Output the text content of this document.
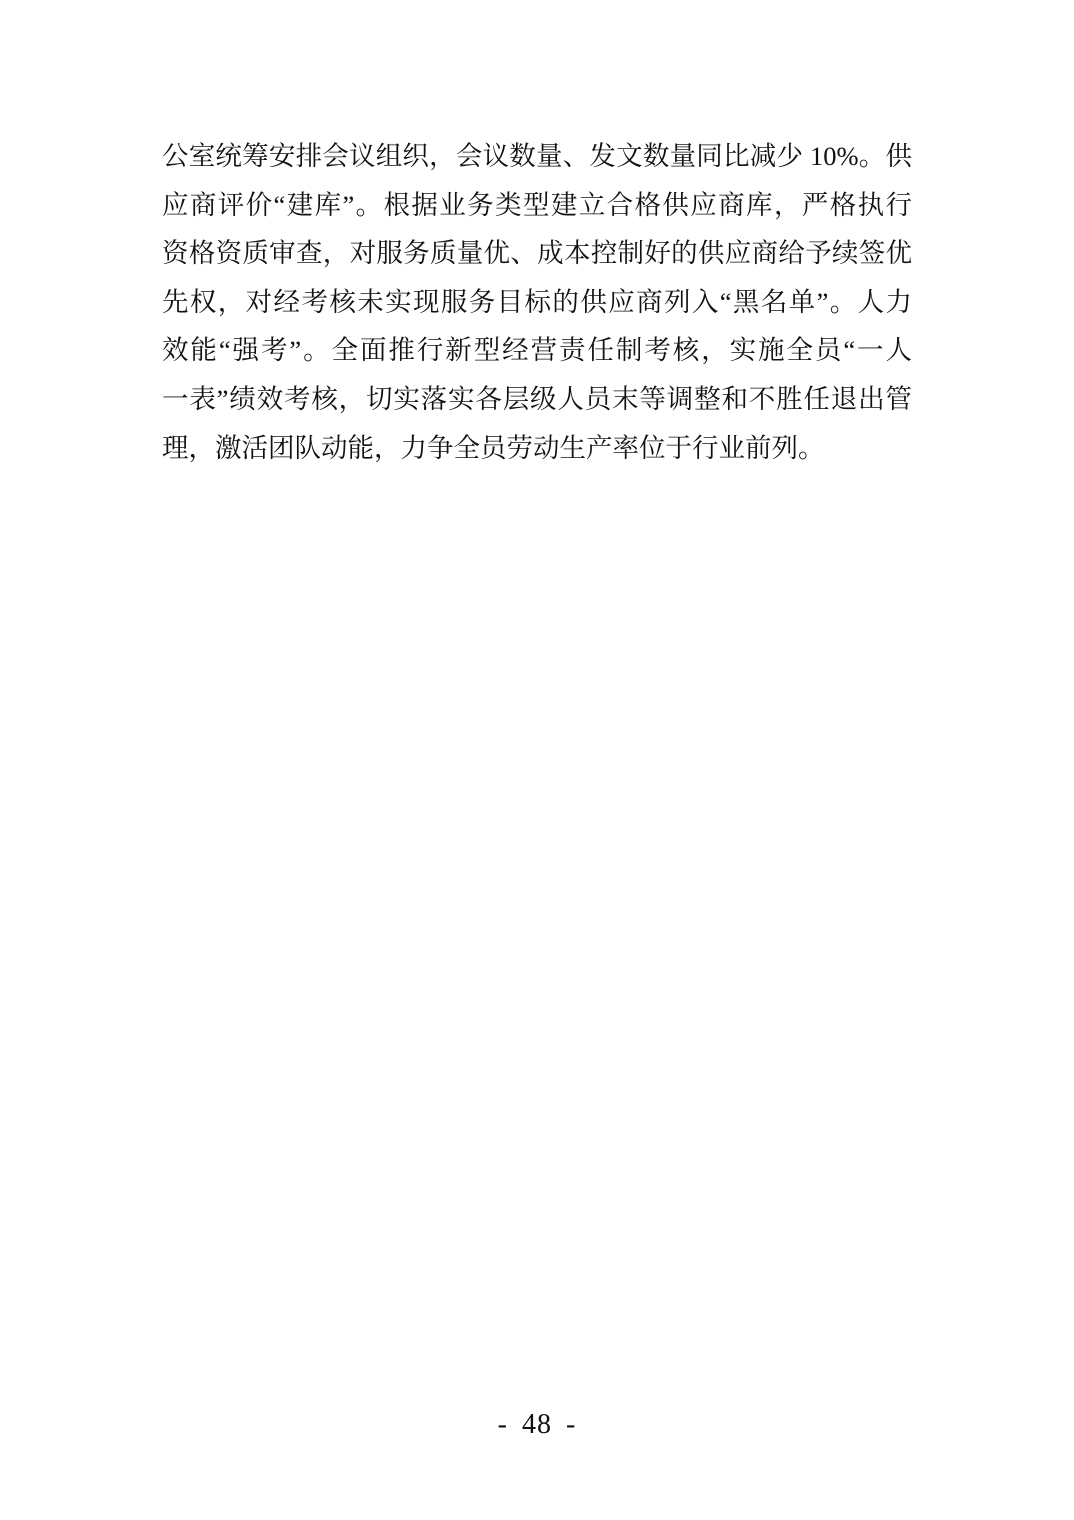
公室统筹安排会议组织，会议数量、发文数量同比减少 10%。供

应商评价“建库”。根据业务类型建立合格供应商库，严格执行

资格资质审查，对服务质量优、成本控制好的供应商给予续签优

先权，对经考核未实现服务目标的供应商列入“黑名单”。人力

效能“强考”。全面推行新型经营责任制考核，实施全员“一人

一表”绩效考核，切实落实各层级人员末等调整和不胜任退出管

理，激活团队动能，力争全员劳动生产率位于行业前列。

- 48 -
